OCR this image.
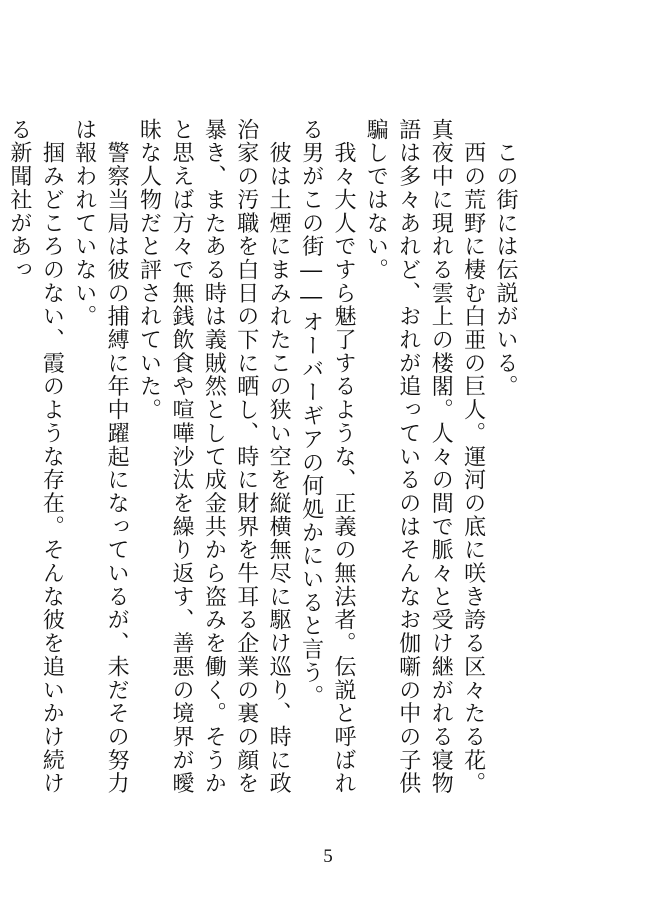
　この街には伝説がいる。
　西の荒野に棲む白亜の巨人。運河の底に咲き誇る区々たる花。真夜中に現れる雲上の楼閣。人々の間で脈々と受け継がれる寝物語は多々あれど、おれが追っているのはそんなお伽噺の中の子供騙しではない。
　我々大人ですら魅了するような、正義の無法者。伝説と呼ばれる男がこの街――オーバーギアの何処かにいると言う。
　彼は土煙にまみれたこの狭い空を縦横無尽に駆け巡り、時に政治家の汚職を白日の下に晒し、時に財界を牛耳る企業の裏の顔を暴き、またある時は義賊然として成金共から盗みを働く。そうかと思えば方々で無銭飲食や喧嘩沙汰を繰り返す、善悪の境界が曖昧な人物だと評されていた。
　警察当局は彼の捕縛に年中躍起になっているが、未だその努力は報われていない。
　掴みどころのない、霞のような存在。そんな彼を追いかけ続ける新聞社があっ
5
